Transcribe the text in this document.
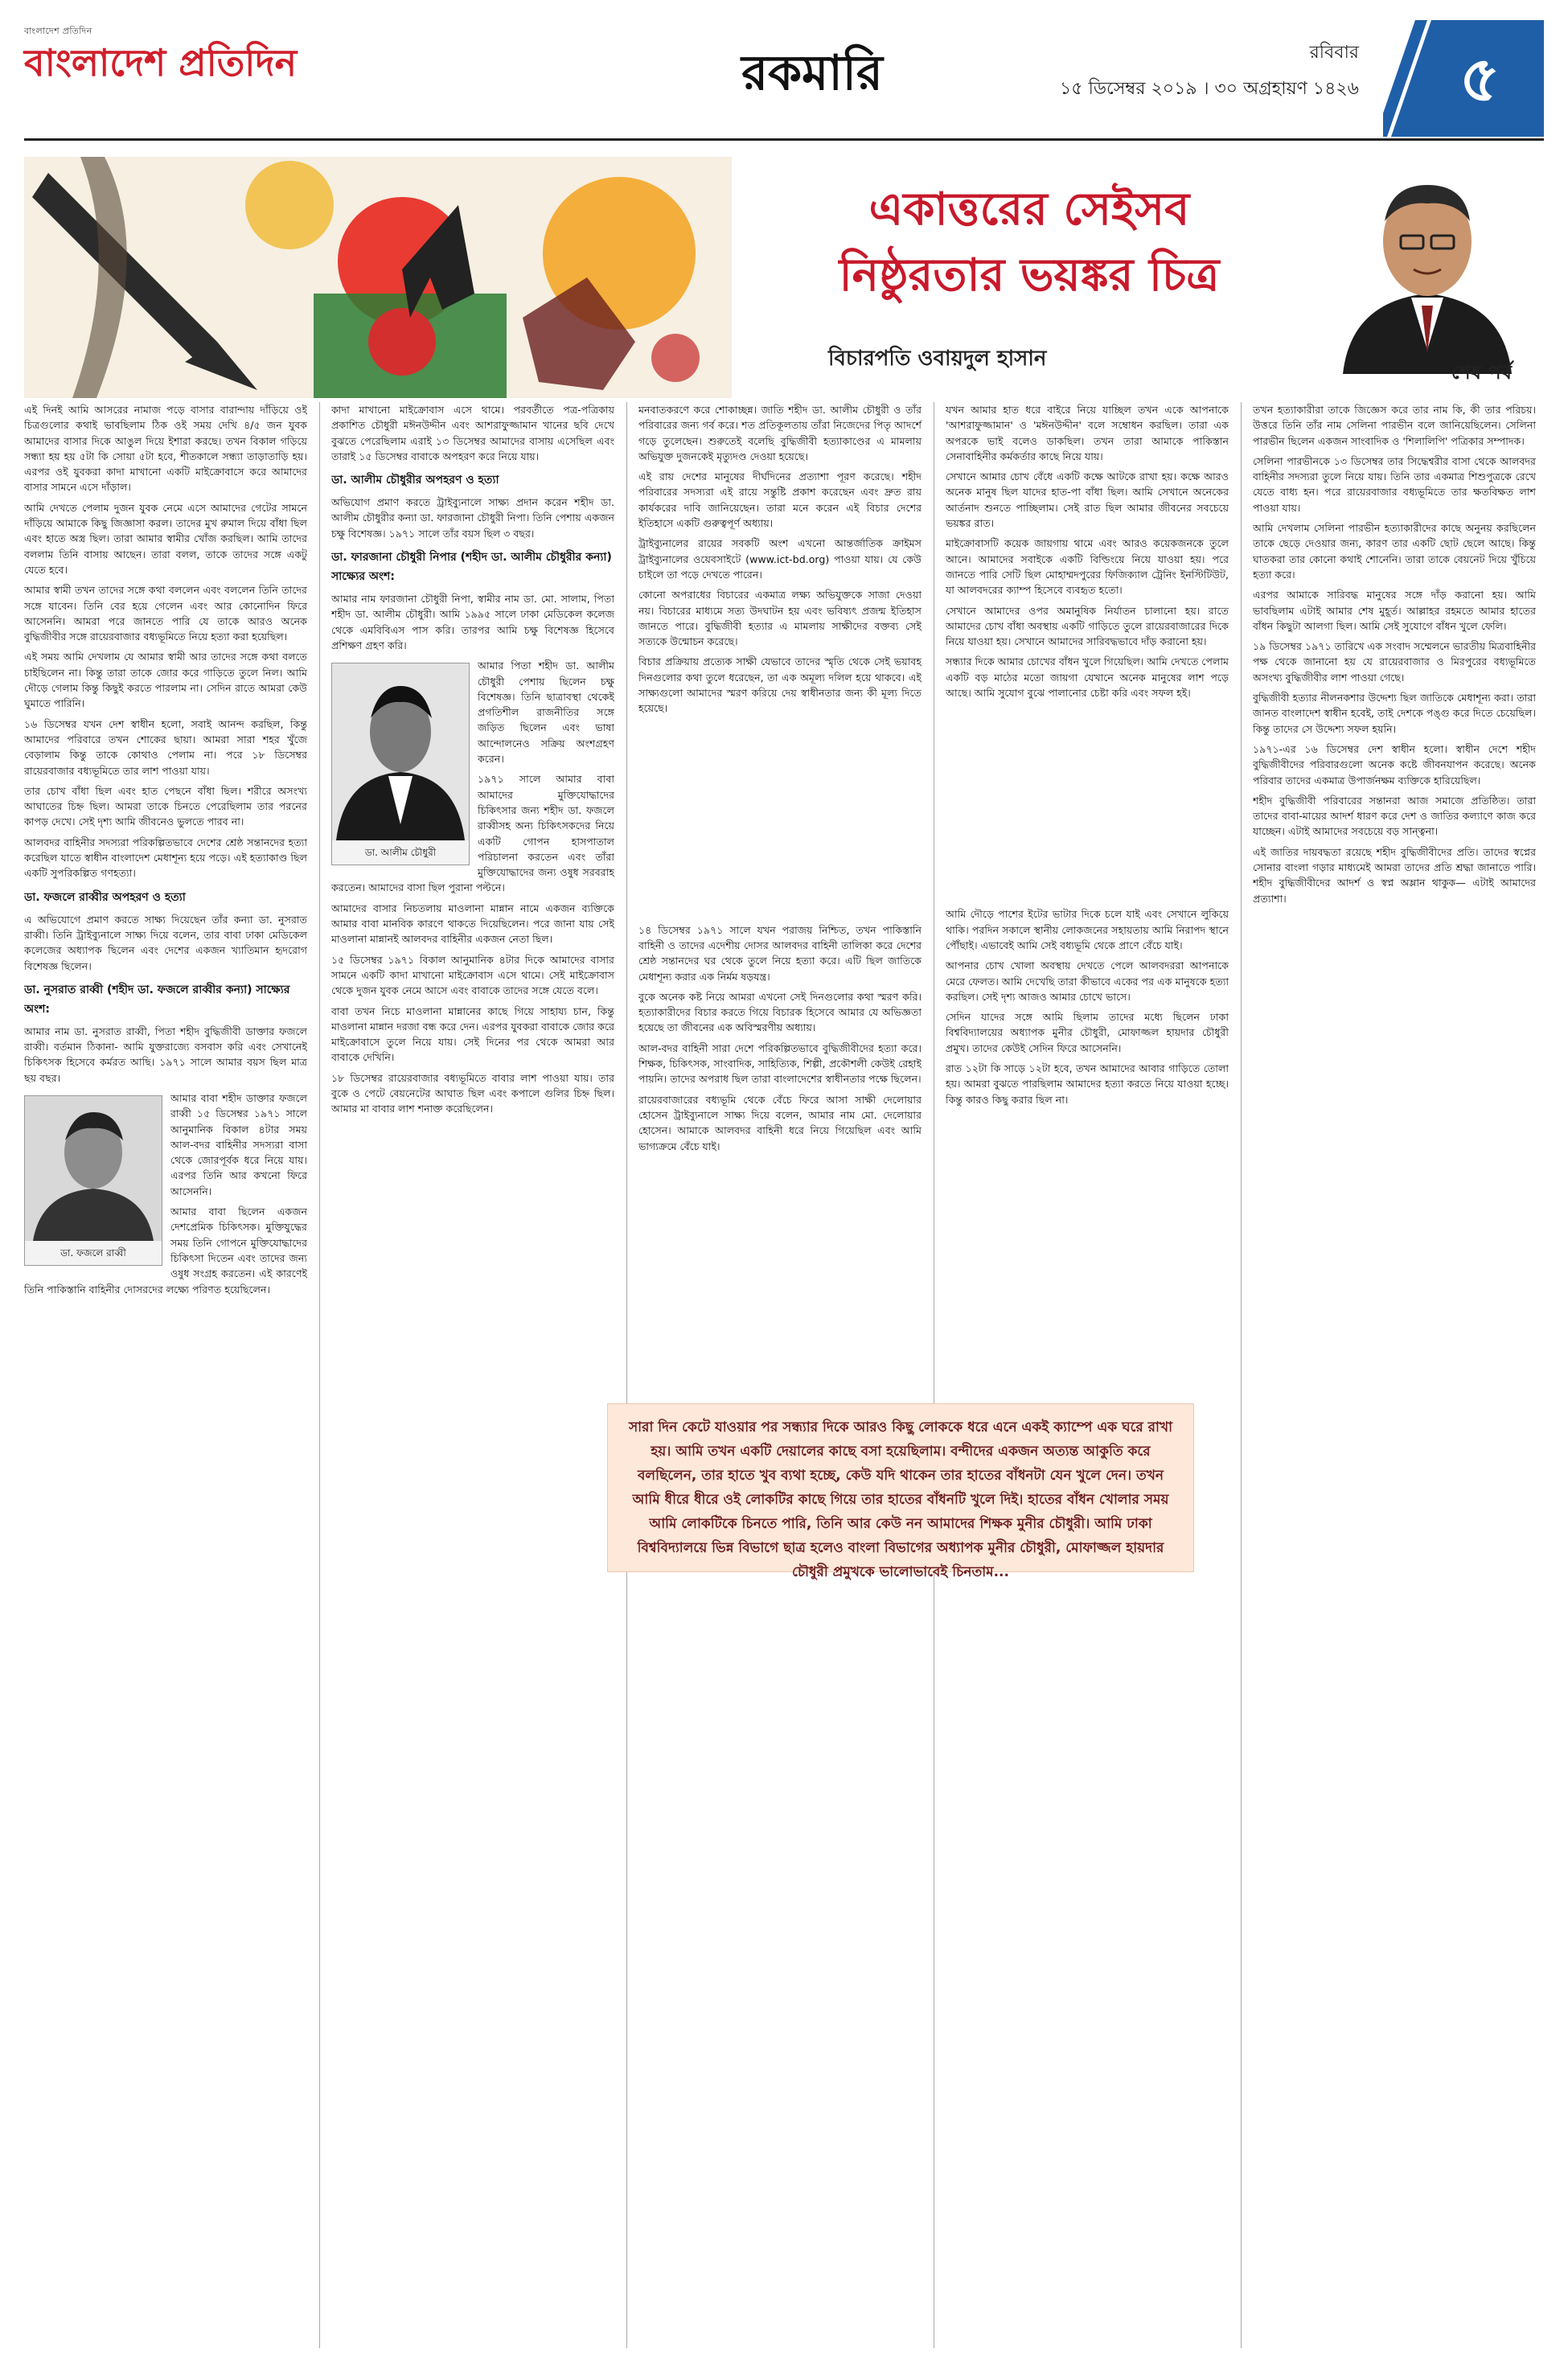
বাংলাদেশ প্রতিদিন
বাংলাদেশ প্রতিদিন	রকমারি	রবিবার
১৫ ডিসেম্বর ২০১৯ । ৩০ অগ্রহায়ণ ১৪২৬ ৫
একাত্তরের সেইসব
নিষ্ঠুরতার ভয়ঙ্কর চিত্র
বিচারপতি ওবায়দুল হাসান
শেষ পর্ব

এই দিনই আমি আসরের নামাজ পড়ে বাসার বারান্দায় দাঁড়িয়ে ওই চিত্রগুলোর কথাই ভাবছিলাম ঠিক ওই সময় দেখি ৪/৫ জন যুবক আমাদের বাসার দিকে আঙুল দিয়ে ইশারা করছে। তখন বিকাল গড়িয়ে সন্ধ্যা হয় হয় ৫টা কি সোয়া ৫টা হবে, শীতকালে সন্ধ্যা তাড়াতাড়ি হয়। এরপর ওই যুবকরা কাদা মাখানো একটি মাইক্রোবাসে করে আমাদের বাসার সামনে এসে দাঁড়াল।

আমি দেখতে পেলাম দুজন যুবক নেমে এসে আমাদের গেটের সামনে দাঁড়িয়ে আমাকে কিছু জিজ্ঞাসা করল। তাদের মুখ রুমাল দিয়ে বাঁধা ছিল এবং হাতে অস্ত্র ছিল। তারা আমার স্বামীর খোঁজ করছিল। আমি তাদের বললাম তিনি বাসায় আছেন। তারা বলল, তাকে তাদের সঙ্গে একটু যেতে হবে।

আমার স্বামী তখন তাদের সঙ্গে কথা বললেন এবং বললেন তিনি তাদের সঙ্গে যাবেন। তিনি বের হয়ে গেলেন এবং আর কোনোদিন ফিরে আসেননি। আমরা পরে জানতে পারি যে তাকে আরও অনেক বুদ্ধিজীবীর সঙ্গে রায়েরবাজার বধ্যভূমিতে নিয়ে হত্যা করা হয়েছিল।

এই সময় আমি দেখলাম যে আমার স্বামী আর তাদের সঙ্গে কথা বলতে চাইছিলেন না। কিন্তু তারা তাকে জোর করে গাড়িতে তুলে নিল। আমি দৌড়ে গেলাম কিন্তু কিছুই করতে পারলাম না। সেদিন রাতে আমরা কেউ ঘুমাতে পারিনি।

১৬ ডিসেম্বর যখন দেশ স্বাধীন হলো, সবাই আনন্দ করছিল, কিন্তু আমাদের পরিবারে তখন শোকের ছায়া। আমরা সারা শহর খুঁজে বেড়ালাম কিন্তু তাকে কোথাও পেলাম না। পরে ১৮ ডিসেম্বর রায়েরবাজার বধ্যভূমিতে তার লাশ পাওয়া যায়।

তার চোখ বাঁধা ছিল এবং হাত পেছনে বাঁধা ছিল। শরীরে অসংখ্য আঘাতের চিহ্ন ছিল। আমরা তাকে চিনতে পেরেছিলাম তার পরনের কাপড় দেখে। সেই দৃশ্য আমি জীবনেও ভুলতে পারব না।

আলবদর বাহিনীর সদস্যরা পরিকল্পিতভাবে দেশের শ্রেষ্ঠ সন্তানদের হত্যা করেছিল যাতে স্বাধীন বাংলাদেশ মেধাশূন্য হয়ে পড়ে। এই হত্যাকাণ্ড ছিল একটি সুপরিকল্পিত গণহত্যা।

ডা. ফজলে রাব্বীর অপহরণ ও হত্যা

এ অভিযোগে প্রমাণ করতে সাক্ষ্য দিয়েছেন তাঁর কন্যা ডা. নুসরাত রাব্বী। তিনি ট্রাইব্যুনালে সাক্ষ্য দিয়ে বলেন, তার বাবা ঢাকা মেডিকেল কলেজের অধ্যাপক ছিলেন এবং দেশের একজন খ্যাতিমান হৃদরোগ বিশেষজ্ঞ ছিলেন।

ডা. নুসরাত রাব্বী (শহীদ ডা. ফজলে রাব্বীর কন্যা) সাক্ষ্যের অংশ:

আমার নাম ডা. নুসরাত রাব্বী, পিতা শহীদ বুদ্ধিজীবী ডাক্তার ফজলে রাব্বী। বর্তমান ঠিকানা- আমি যুক্তরাজ্যে বসবাস করি এবং সেখানেই চিকিৎসক হিসেবে কর্মরত আছি। ১৯৭১ সালে আমার বয়স ছিল মাত্র ছয় বছর।

ডা. ফজলে রাব্বী

আমার বাবা শহীদ ডাক্তার ফজলে রাব্বী ১৫ ডিসেম্বর ১৯৭১ সালে আনুমানিক বিকাল ৪টার সময় আল-বদর বাহিনীর সদস্যরা বাসা থেকে জোরপূর্বক ধরে নিয়ে যায়। এরপর তিনি আর কখনো ফিরে আসেননি।

আমার বাবা ছিলেন একজন দেশপ্রেমিক চিকিৎসক। মুক্তিযুদ্ধের সময় তিনি গোপনে মুক্তিযোদ্ধাদের চিকিৎসা দিতেন এবং তাদের জন্য ওষুধ সংগ্রহ করতেন। এই কারণেই তিনি পাকিস্তানি বাহিনীর দোসরদের লক্ষ্যে পরিণত হয়েছিলেন।

কাদা মাখানো মাইক্রোবাস এসে থামে। পরবর্তীতে পত্র-পত্রিকায় প্রকাশিত চৌধুরী মঈনউদ্দীন এবং আশরাফুজ্জামান খানের ছবি দেখে বুঝতে পেরেছিলাম এরাই ১৩ ডিসেম্বর আমাদের বাসায় এসেছিল এবং তারাই ১৫ ডিসেম্বর বাবাকে অপহরণ করে নিয়ে যায়।

ডা. আলীম চৌধুরীর অপহরণ ও হত্যা

অভিযোগ প্রমাণ করতে ট্রাইব্যুনালে সাক্ষ্য প্রদান করেন শহীদ ডা. আলীম চৌধুরীর কন্যা ডা. ফারজানা চৌধুরী নিপা। তিনি পেশায় একজন চক্ষু বিশেষজ্ঞ। ১৯৭১ সালে তাঁর বয়স ছিল ৩ বছর।

ডা. ফারজানা চৌধুরী নিপার (শহীদ ডা. আলীম চৌধুরীর কন্যা) সাক্ষ্যের অংশ:

আমার নাম ফারজানা চৌধুরী নিপা, স্বামীর নাম ডা. মো. সালাম, পিতা শহীদ ডা. আলীম চৌধুরী। আমি ১৯৯৫ সালে ঢাকা মেডিকেল কলেজ থেকে এমবিবিএস পাস করি। তারপর আমি চক্ষু বিশেষজ্ঞ হিসেবে প্রশিক্ষণ গ্রহণ করি।

ডা. আলীম চৌধুরী

আমার পিতা শহীদ ডা. আলীম চৌধুরী পেশায় ছিলেন চক্ষু বিশেষজ্ঞ। তিনি ছাত্রাবস্থা থেকেই প্রগতিশীল রাজনীতির সঙ্গে জড়িত ছিলেন এবং ভাষা আন্দোলনেও সক্রিয় অংশগ্রহণ করেন।

১৯৭১ সালে আমার বাবা আমাদের মুক্তিযোদ্ধাদের চিকিৎসার জন্য শহীদ ডা. ফজলে রাব্বীসহ অন্য চিকিৎসকদের নিয়ে একটি গোপন হাসপাতাল পরিচালনা করতেন এবং তাঁরা মুক্তিযোদ্ধাদের জন্য ওষুধ সরবরাহ করতেন। আমাদের বাসা ছিল পুরানা পল্টনে।

আমাদের বাসার নিচতলায় মাওলানা মান্নান নামে একজন ব্যক্তিকে আমার বাবা মানবিক কারণে থাকতে দিয়েছিলেন। পরে জানা যায় সেই মাওলানা মান্নানই আলবদর বাহিনীর একজন নেতা ছিল।

১৫ ডিসেম্বর ১৯৭১ বিকাল আনুমানিক ৪টার দিকে আমাদের বাসার সামনে একটি কাদা মাখানো মাইক্রোবাস এসে থামে। সেই মাইক্রোবাস থেকে দুজন যুবক নেমে আসে এবং বাবাকে তাদের সঙ্গে যেতে বলে।

বাবা তখন নিচে মাওলানা মান্নানের কাছে গিয়ে সাহায্য চান, কিন্তু মাওলানা মান্নান দরজা বন্ধ করে দেন। এরপর যুবকরা বাবাকে জোর করে মাইক্রোবাসে তুলে নিয়ে যায়। সেই দিনের পর থেকে আমরা আর বাবাকে দেখিনি।

১৮ ডিসেম্বর রায়েরবাজার বধ্যভূমিতে বাবার লাশ পাওয়া যায়। তার বুকে ও পেটে বেয়নেটের আঘাত ছিল এবং কপালে গুলির চিহ্ন ছিল। আমার মা বাবার লাশ শনাক্ত করেছিলেন।

মনবাতকরণে করে শোকাচ্ছন্ন। জাতি শহীদ ডা. আলীম চৌধুরী ও তাঁর পরিবারের জন্য গর্ব করে। শত প্রতিকূলতায় তাঁরা নিজেদের পিতৃ আদর্শে গড়ে তুলেছেন। শুরুতেই বলেছি বুদ্ধিজীবী হত্যাকাণ্ডের এ মামলায় অভিযুক্ত দুজনকেই মৃত্যুদণ্ড দেওয়া হয়েছে।

এই রায় দেশের মানুষের দীর্ঘদিনের প্রত্যাশা পূরণ করেছে। শহীদ পরিবারের সদস্যরা এই রায়ে সন্তুষ্টি প্রকাশ করেছেন এবং দ্রুত রায় কার্যকরের দাবি জানিয়েছেন। তারা মনে করেন এই বিচার দেশের ইতিহাসে একটি গুরুত্বপূর্ণ অধ্যায়।

ট্রাইব্যুনালের রায়ের সবকটি অংশ এখনো আন্তর্জাতিক ক্রাইমস ট্রাইব্যুনালের ওয়েবসাইটে (www.ict-bd.org) পাওয়া যায়। যে কেউ চাইলে তা পড়ে দেখতে পারেন।

কোনো অপরাধের বিচারের একমাত্র লক্ষ্য অভিযুক্তকে সাজা দেওয়া নয়। বিচারের মাধ্যমে সত্য উদঘাটন হয় এবং ভবিষ্যৎ প্রজন্ম ইতিহাস জানতে পারে। বুদ্ধিজীবী হত্যার এ মামলায় সাক্ষীদের বক্তব্য সেই সত্যকে উন্মোচন করেছে।

বিচার প্রক্রিয়ায় প্রত্যেক সাক্ষী যেভাবে তাদের স্মৃতি থেকে সেই ভয়াবহ দিনগুলোর কথা তুলে ধরেছেন, তা এক অমূল্য দলিল হয়ে থাকবে। এই সাক্ষ্যগুলো আমাদের স্মরণ করিয়ে দেয় স্বাধীনতার জন্য কী মূল্য দিতে হয়েছে।

১৪ ডিসেম্বর ১৯৭১ সালে যখন পরাজয় নিশ্চিত, তখন পাকিস্তানি বাহিনী ও তাদের এদেশীয় দোসর আলবদর বাহিনী তালিকা করে দেশের শ্রেষ্ঠ সন্তানদের ঘর থেকে তুলে নিয়ে হত্যা করে। এটি ছিল জাতিকে মেধাশূন্য করার এক নির্মম ষড়যন্ত্র।

বুকে অনেক কষ্ট নিয়ে আমরা এখনো সেই দিনগুলোর কথা স্মরণ করি। হত্যাকারীদের বিচার করতে গিয়ে বিচারক হিসেবে আমার যে অভিজ্ঞতা হয়েছে তা জীবনের এক অবিস্মরণীয় অধ্যায়।

আল-বদর বাহিনী সারা দেশে পরিকল্পিতভাবে বুদ্ধিজীবীদের হত্যা করে। শিক্ষক, চিকিৎসক, সাংবাদিক, সাহিত্যিক, শিল্পী, প্রকৌশলী কেউই রেহাই পায়নি। তাদের অপরাধ ছিল তারা বাংলাদেশের স্বাধীনতার পক্ষে ছিলেন।

রায়েরবাজারের বধ্যভূমি থেকে বেঁচে ফিরে আসা সাক্ষী দেলোয়ার হোসেন ট্রাইব্যুনালে সাক্ষ্য দিয়ে বলেন, আমার নাম মো. দেলোয়ার হোসেন। আমাকে আলবদর বাহিনী ধরে নিয়ে গিয়েছিল এবং আমি ভাগ্যক্রমে বেঁচে যাই।

যখন আমার হাত ধরে বাইরে নিয়ে যাচ্ছিল তখন একে আপনাকে 'আশরাফুজ্জামান' ও 'মঈনউদ্দীন' বলে সম্বোধন করছিল। তারা এক অপরকে ভাই বলেও ডাকছিল। তখন তারা আমাকে পাকিস্তান সেনাবাহিনীর কর্মকর্তার কাছে নিয়ে যায়।

সেখানে আমার চোখ বেঁধে একটি কক্ষে আটকে রাখা হয়। কক্ষে আরও অনেক মানুষ ছিল যাদের হাত-পা বাঁধা ছিল। আমি সেখানে অনেকের আর্তনাদ শুনতে পাচ্ছিলাম। সেই রাত ছিল আমার জীবনের সবচেয়ে ভয়ঙ্কর রাত।

মাইক্রোবাসটি কয়েক জায়গায় থামে এবং আরও কয়েকজনকে তুলে আনে। আমাদের সবাইকে একটি বিল্ডিংয়ে নিয়ে যাওয়া হয়। পরে জানতে পারি সেটি ছিল মোহাম্মদপুরের ফিজিক্যাল ট্রেনিং ইনস্টিটিউট, যা আলবদরের ক্যাম্প হিসেবে ব্যবহৃত হতো।

সেখানে আমাদের ওপর অমানুষিক নির্যাতন চালানো হয়। রাতে আমাদের চোখ বাঁধা অবস্থায় একটি গাড়িতে তুলে রায়েরবাজারের দিকে নিয়ে যাওয়া হয়। সেখানে আমাদের সারিবদ্ধভাবে দাঁড় করানো হয়।

সন্ধ্যার দিকে আমার চোখের বাঁধন খুলে গিয়েছিল। আমি দেখতে পেলাম একটি বড় মাঠের মতো জায়গা যেখানে অনেক মানুষের লাশ পড়ে আছে। আমি সুযোগ বুঝে পালানোর চেষ্টা করি এবং সফল হই।

আমি দৌড়ে পাশের ইটের ভাটার দিকে চলে যাই এবং সেখানে লুকিয়ে থাকি। পরদিন সকালে স্থানীয় লোকজনের সহায়তায় আমি নিরাপদ স্থানে পৌঁছাই। এভাবেই আমি সেই বধ্যভূমি থেকে প্রাণে বেঁচে যাই।

আপনার চোখ খোলা অবস্থায় দেখতে পেলে আলবদররা আপনাকে মেরে ফেলত। আমি দেখেছি তারা কীভাবে একের পর এক মানুষকে হত্যা করছিল। সেই দৃশ্য আজও আমার চোখে ভাসে।

সেদিন যাদের সঙ্গে আমি ছিলাম তাদের মধ্যে ছিলেন ঢাকা বিশ্ববিদ্যালয়ের অধ্যাপক মুনীর চৌধুরী, মোফাজ্জল হায়দার চৌধুরী প্রমুখ। তাদের কেউই সেদিন ফিরে আসেননি।

রাত ১২টা কি সাড়ে ১২টা হবে, তখন আমাদের আবার গাড়িতে তোলা হয়। আমরা বুঝতে পারছিলাম আমাদের হত্যা করতে নিয়ে যাওয়া হচ্ছে। কিন্তু কারও কিছু করার ছিল না।

তখন হত্যাকারীরা তাকে জিজ্ঞেস করে তার নাম কি, কী তার পরিচয়। উত্তরে তিনি তাঁর নাম সেলিনা পারভীন বলে জানিয়েছিলেন। সেলিনা পারভীন ছিলেন একজন সাংবাদিক ও 'শিলালিপি' পত্রিকার সম্পাদক।

সেলিনা পারভীনকে ১৩ ডিসেম্বর তার সিদ্ধেশ্বরীর বাসা থেকে আলবদর বাহিনীর সদস্যরা তুলে নিয়ে যায়। তিনি তার একমাত্র শিশুপুত্রকে রেখে যেতে বাধ্য হন। পরে রায়েরবাজার বধ্যভূমিতে তার ক্ষতবিক্ষত লাশ পাওয়া যায়।

আমি দেখলাম সেলিনা পারভীন হত্যাকারীদের কাছে অনুনয় করছিলেন তাকে ছেড়ে দেওয়ার জন্য, কারণ তার একটি ছোট ছেলে আছে। কিন্তু ঘাতকরা তার কোনো কথাই শোনেনি। তারা তাকে বেয়নেট দিয়ে খুঁচিয়ে হত্যা করে।

এরপর আমাকে সারিবদ্ধ মানুষের সঙ্গে দাঁড় করানো হয়। আমি ভাবছিলাম এটাই আমার শেষ মুহূর্ত। আল্লাহর রহমতে আমার হাতের বাঁধন কিছুটা আলগা ছিল। আমি সেই সুযোগে বাঁধন খুলে ফেলি।

১৯ ডিসেম্বর ১৯৭১ তারিখে এক সংবাদ সম্মেলনে ভারতীয় মিত্রবাহিনীর পক্ষ থেকে জানানো হয় যে রায়েরবাজার ও মিরপুরের বধ্যভূমিতে অসংখ্য বুদ্ধিজীবীর লাশ পাওয়া গেছে।

বুদ্ধিজীবী হত্যার নীলনকশার উদ্দেশ্য ছিল জাতিকে মেধাশূন্য করা। তারা জানত বাংলাদেশ স্বাধীন হবেই, তাই দেশকে পঙ্গু করে দিতে চেয়েছিল। কিন্তু তাদের সে উদ্দেশ্য সফল হয়নি।

১৯৭১-এর ১৬ ডিসেম্বর দেশ স্বাধীন হলো। স্বাধীন দেশে শহীদ বুদ্ধিজীবীদের পরিবারগুলো অনেক কষ্টে জীবনযাপন করেছে। অনেক পরিবার তাদের একমাত্র উপার্জনক্ষম ব্যক্তিকে হারিয়েছিল।

শহীদ বুদ্ধিজীবী পরিবারের সন্তানরা আজ সমাজে প্রতিষ্ঠিত। তারা তাদের বাবা-মায়ের আদর্শ ধারণ করে দেশ ও জাতির কল্যাণে কাজ করে যাচ্ছেন। এটাই আমাদের সবচেয়ে বড় সান্ত্বনা।

এই জাতির দায়বদ্ধতা রয়েছে শহীদ বুদ্ধিজীবীদের প্রতি। তাদের স্বপ্নের সোনার বাংলা গড়ার মাধ্যমেই আমরা তাদের প্রতি শ্রদ্ধা জানাতে পারি। শহীদ বুদ্ধিজীবীদের আদর্শ ও স্বপ্ন অম্লান থাকুক— এটাই আমাদের প্রত্যাশা।

সারা দিন কেটে যাওয়ার পর সন্ধ্যার দিকে আরও কিছু লোককে ধরে এনে একই ক্যাম্পে এক ঘরে রাখা হয়। আমি তখন একটি দেয়ালের কাছে বসা হয়েছিলাম। বন্দীদের একজন অত্যন্ত আকুতি করে বলছিলেন, তার হাতে খুব ব্যথা হচ্ছে, কেউ যদি থাকেন তার হাতের বাঁধনটা যেন খুলে দেন। তখন আমি ধীরে ধীরে ওই লোকটির কাছে গিয়ে তার হাতের বাঁধনটি খুলে দিই। হাতের বাঁধন খোলার সময় আমি লোকটিকে চিনতে পারি, তিনি আর কেউ নন আমাদের শিক্ষক মুনীর চৌধুরী। আমি ঢাকা বিশ্ববিদ্যালয়ে ভিন্ন বিভাগে ছাত্র হলেও বাংলা বিভাগের অধ্যাপক মুনীর চৌধুরী, মোফাজ্জল হায়দার চৌধুরী প্রমুখকে ভালোভাবেই চিনতাম...
